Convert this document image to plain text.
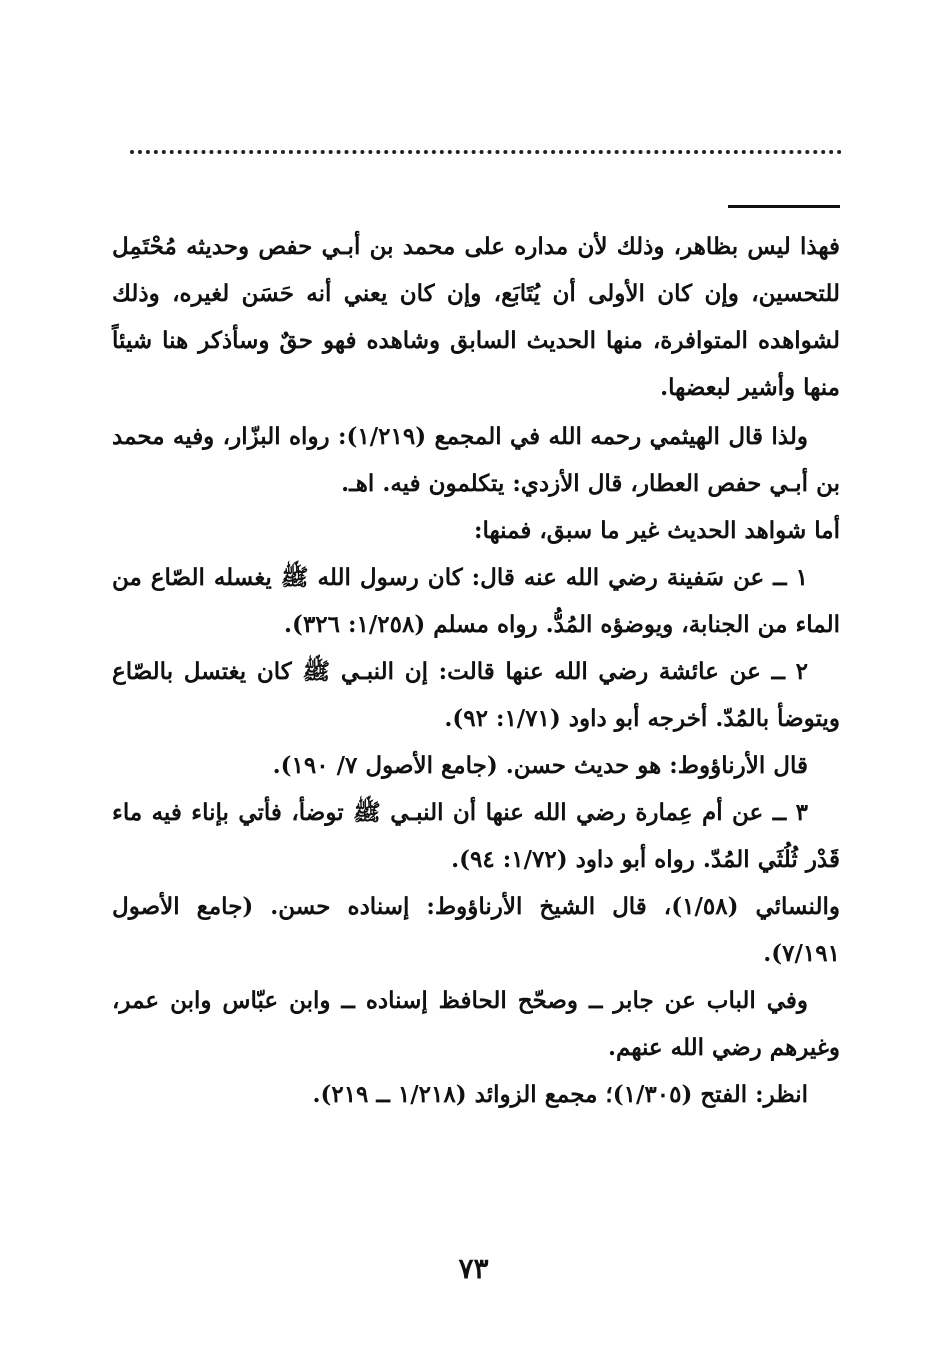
فهذا ليس بظاهر، وذلك لأن مداره على محمد بن أبـي حفص وحديثه مُحْتَمِل للتحسين، وإن كان الأولى أن يُتَابَع، وإن كان يعني أنه حَسَن لغيره، وذلك لشواهده المتوافرة، منها الحديث السابق وشاهده فهو حقٌ وسأذكر هنا شيئاً منها وأشير لبعضها.

ولذا قال الهيثمي رحمه الله في المجمع (١/٢١٩): رواه البزّار، وفيه محمد بن أبـي حفص العطار، قال الأزدي: يتكلمون فيه. اهـ.

أما شواهد الحديث غير ما سبق، فمنها:

١ ــ عن سَفينة رضي الله عنه قال: كان رسول الله ﷺ يغسله الصّاع من الماء من الجنابة، ويوضؤه المُدُّ. رواه مسلم (١/٢٥٨: ٣٢٦).

٢ ــ عن عائشة رضي الله عنها قالت: إن النبـي ﷺ كان يغتسل بالصّاع ويتوضأ بالمُدّ. أخرجه أبو داود (١/٧١: ٩٢).

قال الأرناؤوط: هو حديث حسن. (جامع الأصول ٧/ ١٩٠).

٣ ــ عن أم عِمارة رضي الله عنها أن النبـي ﷺ توضأ، فأتي بإناء فيه ماء قَدْر ثُلُثَي المُدّ. رواه أبو داود (١/٧٢: ٩٤).

والنسائي (١/٥٨)، قال الشيخ الأرناؤوط: إسناده حسن. (جامع الأصول ٧/١٩١).

وفي الباب عن جابر ــ وصحّح الحافظ إسناده ــ وابن عبّاس وابن عمر، وغيرهم رضي الله عنهم.

انظر: الفتح (١/٣٠٥)؛ مجمع الزوائد (١/٢١٨ ــ ٢١٩).

٧٣
